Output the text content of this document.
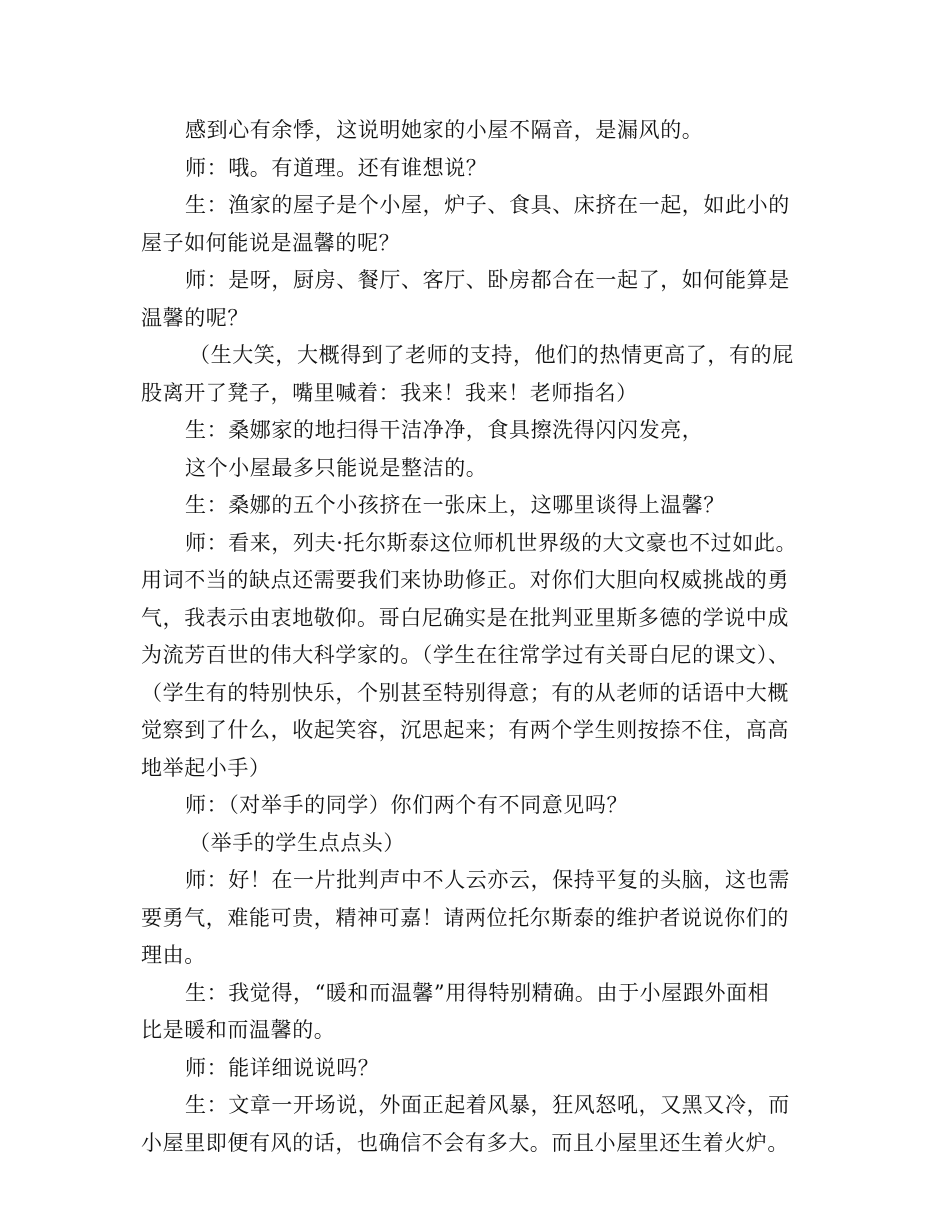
感到心有余悸，这说明她家的小屋不隔音，是漏风的。
师：哦。有道理。还有谁想说？
生：渔家的屋子是个小屋，炉子、食具、床挤在一起，如此小的
屋子如何能说是温馨的呢？
师：是呀，厨房、餐厅、客厅、卧房都合在一起了，如何能算是
温馨的呢？
（生大笑，大概得到了老师的支持，他们的热情更高了，有的屁
股离开了凳子，嘴里喊着：我来！我来！老师指名）
生：桑娜家的地扫得干洁净净，食具擦洗得闪闪发亮，
这个小屋最多只能说是整洁的。
生：桑娜的五个小孩挤在一张床上，这哪里谈得上温馨？
师：看来，列夫·托尔斯泰这位师机世界级的大文豪也不过如此。
用词不当的缺点还需要我们来协助修正。对你们大胆向权威挑战的勇
气，我表示由衷地敬仰。哥白尼确实是在批判亚里斯多德的学说中成
为流芳百世的伟大科学家的。（学生在往常学过有关哥白尼的课文）、
（学生有的特别快乐，个别甚至特别得意；有的从老师的话语中大概
觉察到了什么，收起笑容，沉思起来；有两个学生则按捺不住，高高
地举起小手）
师：（对举手的同学）你们两个有不同意见吗？
（举手的学生点点头）
师：好！在一片批判声中不人云亦云，保持平复的头脑，这也需
要勇气，难能可贵，精神可嘉！请两位托尔斯泰的维护者说说你们的
理由。
生：我觉得，“暖和而温馨”用得特别精确。由于小屋跟外面相
比是暖和而温馨的。
师：能详细说说吗？
生：文章一开场说，外面正起着风暴，狂风怒吼，又黑又冷，而
小屋里即便有风的话，也确信不会有多大。而且小屋里还生着火炉。
